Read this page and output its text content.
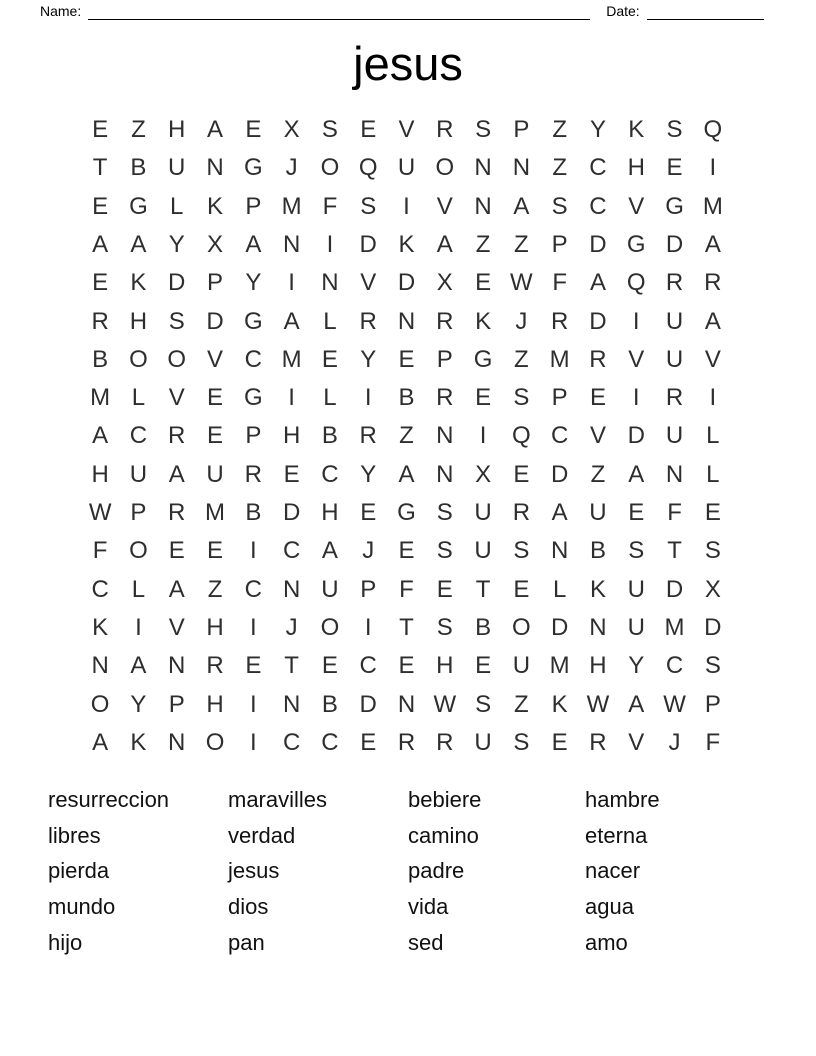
Name:	Date:
jesus
E Z H A E X S E V R S P Z Y K S Q
T B U N G J O Q U O N N Z C H E	I
E G L K P M F S	I	V N A S C V G M
A A Y X A N	I	D K A Z Z P D G D A
E K D P Y	I	N V D X E W F A Q R R
R H S D G A L R N R K	J R D	I	U A
B O O V C M E Y E P G Z M R V U V
M L V E G	I	L	I	B R E S P E	I	R	I
A C R E P H B R Z N	I	Q C V D U L
H U A U R E C Y A N X E D Z A N L
W P R M B D H E G S U R A U E F E
F O E E	I	C A	J	E S U S N B S T S
C L A Z C N U P F E T E L K U D X
K	I	V H	I	J O	I	T S B O D N U M D
N A N R E T E C E H E U M H Y C S
O Y P H	I	N B D N W S Z K W A W P
A K N O	I	C C E R R U S E R V	J	F
resurreccion
libres
pierda
mundo
hijo
maravilles
verdad
jesus
dios
pan
bebiere
camino
padre
vida
sed
hambre
eterna
nacer
agua
amo
